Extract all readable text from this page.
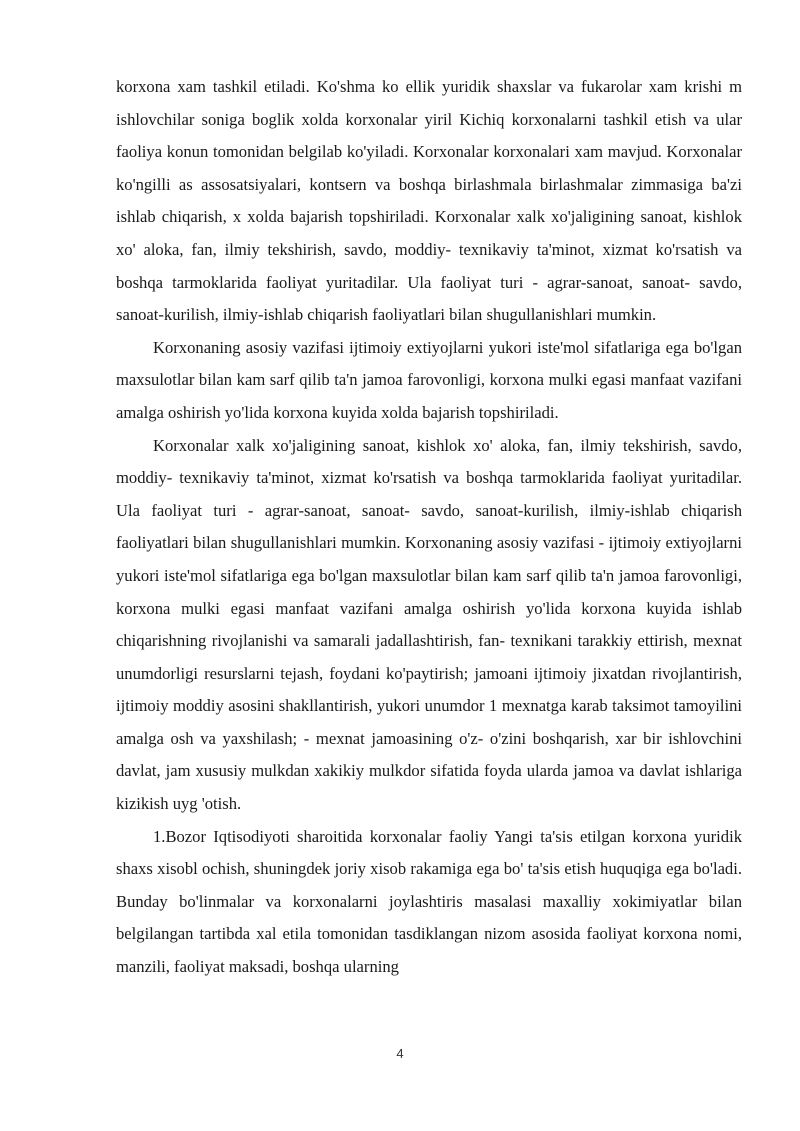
korxona xam tashkil etiladi. Ko'shma ko ellik yuridik shaxslar va fukarolar xam krishi m ishlovchilar soniga boglik xolda korxonalar yiril Kichiq korxonalarni tashkil etish va ular faoliya konun tomonidan belgilab ko'yiladi. Korxonalar korxonalari xam mavjud. Korxonalar ko'ngilli as assosatsiyalari, kontsern va boshqa birlashmala birlashmalar zimmasiga ba'zi ishlab chiqarish, x xolda bajarish topshiriladi. Korxonalar xalk xo'jaligining sanoat, kishlok xo' aloka, fan, ilmiy tekshirish, savdo, moddiy- texnikaviy ta'minot, xizmat ko'rsatish va boshqa tarmoklarida faoliyat yuritadilar. Ula faoliyat turi - agrar-sanoat, sanoat- savdo, sanoat-kurilish, ilmiy-ishlab chiqarish faoliyatlari bilan shugullanishlari mumkin.

Korxonaning asosiy vazifasi ijtimoiy extiyojlarni yukori iste'mol sifatlariga ega bo'lgan maxsulotlar bilan kam sarf qilib ta'n jamoa farovonligi, korxona mulki egasi manfaat vazifani amalga oshirish yo'lida korxona kuyida xolda bajarish topshiriladi.

Korxonalar xalk xo'jaligining sanoat, kishlok xo' aloka, fan, ilmiy tekshirish, savdo, moddiy- texnikaviy ta'minot, xizmat ko'rsatish va boshqa tarmoklarida faoliyat yuritadilar. Ula faoliyat turi - agrar-sanoat, sanoat- savdo, sanoat-kurilish, ilmiy-ishlab chiqarish faoliyatlari bilan shugullanishlari mumkin. Korxonaning asosiy vazifasi - ijtimoiy extiyojlarni yukori iste'mol sifatlariga ega bo'lgan maxsulotlar bilan kam sarf qilib ta'n jamoa farovonligi, korxona mulki egasi manfaat vazifani amalga oshirish yo'lida korxona kuyida ishlab chiqarishning rivojlanishi va samarali jadallashtirish, fan- texnikani tarakkiy ettirish, mexnat unumdorligi resurslarni tejash, foydani ko'paytirish; jamoani ijtimoiy jixatdan rivojlantirish, ijtimoiy moddiy asosini shakllantirish, yukori unumdor 1 mexnatga karab taksimot tamoyilini amalga osh va yaxshilash; - mexnat jamoasining o'z- o'zini boshqarish, xar bir ishlovchini davlat, jam xususiy mulkdan xakikiy mulkdor sifatida foyda ularda jamoa va davlat ishlariga kizikish uyg 'otish.

1.Bozor Iqtisodiyoti sharoitida korxonalar faoliy Yangi ta'sis etilgan korxona yuridik shaxs xisobl ochish, shuningdek joriy xisob rakamiga ega bo' ta'sis etish huquqiga ega bo'ladi. Bunday bo'linmalar va korxonalarni joylashtiris masalasi maxalliy xokimiyatlar bilan belgilangan tartibda xal etila tomonidan tasdiklangan nizom asosida faoliyat korxona nomi, manzili, faoliyat maksadi, boshqa ularning

4
